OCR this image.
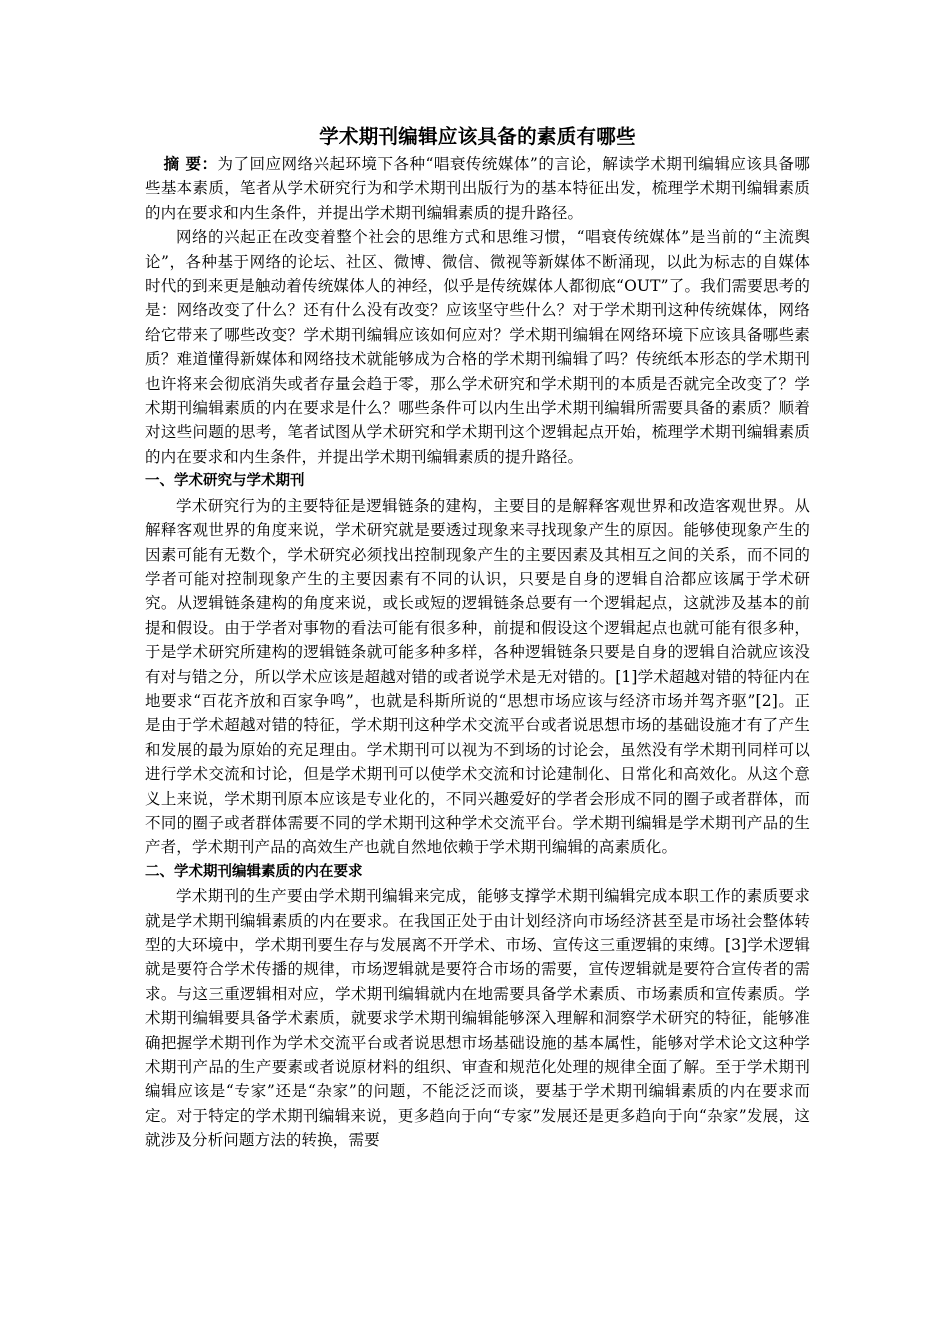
学术期刊编辑应该具备的素质有哪些

摘 要：为了回应网络兴起环境下各种“唱衰传统媒体”的言论，解读学术期刊编辑应该具备哪些基本素质，笔者从学术研究行为和学术期刊出版行为的基本特征出发，梳理学术期刊编辑素质的内在要求和内生条件，并提出学术期刊编辑素质的提升路径。

网络的兴起正在改变着整个社会的思维方式和思维习惯，“唱衰传统媒体”是当前的“主流舆论”，各种基于网络的论坛、社区、微博、微信、微视等新媒体不断涌现，以此为标志的自媒体时代的到来更是触动着传统媒体人的神经，似乎是传统媒体人都彻底“OUT”了。我们需要思考的是：网络改变了什么？还有什么没有改变？应该坚守些什么？对于学术期刊这种传统媒体，网络给它带来了哪些改变？学术期刊编辑应该如何应对？学术期刊编辑在网络环境下应该具备哪些素质？难道懂得新媒体和网络技术就能够成为合格的学术期刊编辑了吗？传统纸本形态的学术期刊也许将来会彻底消失或者存量会趋于零，那么学术研究和学术期刊的本质是否就完全改变了？学术期刊编辑素质的内在要求是什么？哪些条件可以内生出学术期刊编辑所需要具备的素质？顺着对这些问题的思考，笔者试图从学术研究和学术期刊这个逻辑起点开始，梳理学术期刊编辑素质的内在要求和内生条件，并提出学术期刊编辑素质的提升路径。

一、学术研究与学术期刊

学术研究行为的主要特征是逻辑链条的建构，主要目的是解释客观世界和改造客观世界。从解释客观世界的角度来说，学术研究就是要透过现象来寻找现象产生的原因。能够使现象产生的因素可能有无数个，学术研究必须找出控制现象产生的主要因素及其相互之间的关系，而不同的学者可能对控制现象产生的主要因素有不同的认识，只要是自身的逻辑自洽都应该属于学术研究。从逻辑链条建构的角度来说，或长或短的逻辑链条总要有一个逻辑起点，这就涉及基本的前提和假设。由于学者对事物的看法可能有很多种，前提和假设这个逻辑起点也就可能有很多种，于是学术研究所建构的逻辑链条就可能多种多样，各种逻辑链条只要是自身的逻辑自洽就应该没有对与错之分，所以学术应该是超越对错的或者说学术是无对错的。[1]学术超越对错的特征内在地要求“百花齐放和百家争鸣”，也就是科斯所说的“思想市场应该与经济市场并驾齐驱”[2]。正是由于学术超越对错的特征，学术期刊这种学术交流平台或者说思想市场的基础设施才有了产生和发展的最为原始的充足理由。学术期刊可以视为不到场的讨论会，虽然没有学术期刊同样可以进行学术交流和讨论，但是学术期刊可以使学术交流和讨论建制化、日常化和高效化。从这个意义上来说，学术期刊原本应该是专业化的，不同兴趣爱好的学者会形成不同的圈子或者群体，而不同的圈子或者群体需要不同的学术期刊这种学术交流平台。学术期刊编辑是学术期刊产品的生产者，学术期刊产品的高效生产也就自然地依赖于学术期刊编辑的高素质化。

二、学术期刊编辑素质的内在要求

学术期刊的生产要由学术期刊编辑来完成，能够支撑学术期刊编辑完成本职工作的素质要求就是学术期刊编辑素质的内在要求。在我国正处于由计划经济向市场经济甚至是市场社会整体转型的大环境中，学术期刊要生存与发展离不开学术、市场、宣传这三重逻辑的束缚。[3]学术逻辑就是要符合学术传播的规律，市场逻辑就是要符合市场的需要，宣传逻辑就是要符合宣传者的需求。与这三重逻辑相对应，学术期刊编辑就内在地需要具备学术素质、市场素质和宣传素质。学术期刊编辑要具备学术素质，就要求学术期刊编辑能够深入理解和洞察学术研究的特征，能够准确把握学术期刊作为学术交流平台或者说思想市场基础设施的基本属性，能够对学术论文这种学术期刊产品的生产要素或者说原材料的组织、审查和规范化处理的规律全面了解。至于学术期刊编辑应该是“专家”还是“杂家”的问题，不能泛泛而谈，要基于学术期刊编辑素质的内在要求而定。对于特定的学术期刊编辑来说，更多趋向于向“专家”发展还是更多趋向于向“杂家”发展，这就涉及分析问题方法的转换，需要
